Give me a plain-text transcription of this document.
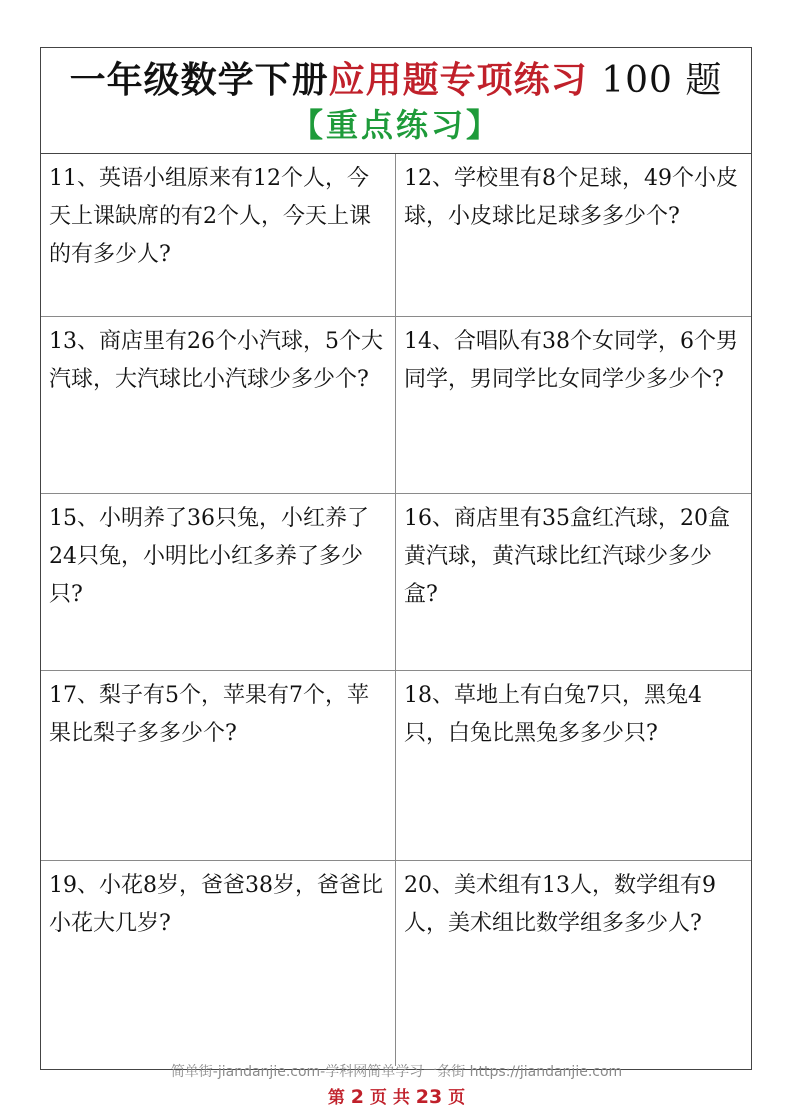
一年级数学下册应用题专项练习 100 题
【重点练习】
11、英语小组原来有12个人，今天上课缺席的有2个人，今天上课的有多少人?
12、学校里有8个足球，49个小皮球，小皮球比足球多多少个?
13、商店里有26个小汽球，5个大汽球，大汽球比小汽球少多少个?
14、合唱队有38个女同学，6个男同学，男同学比女同学少多少个?
15、小明养了36只兔，小红养了24只兔，小明比小红多养了多少只?
16、商店里有35盒红汽球，20盒黄汽球，黄汽球比红汽球少多少盒?
17、梨子有5个，苹果有7个，苹果比梨子多多少个?
18、草地上有白兔7只，黑兔4只，白兔比黑兔多多少只?
19、小花8岁，爸爸38岁，爸爸比小花大几岁?
20、美术组有13人，数学组有9人，美术组比数学组多多少人?
简单街-jiandanjie.com-学科网简单学习一条街 https://jiandanjie.com
第 2 页 共 23 页
